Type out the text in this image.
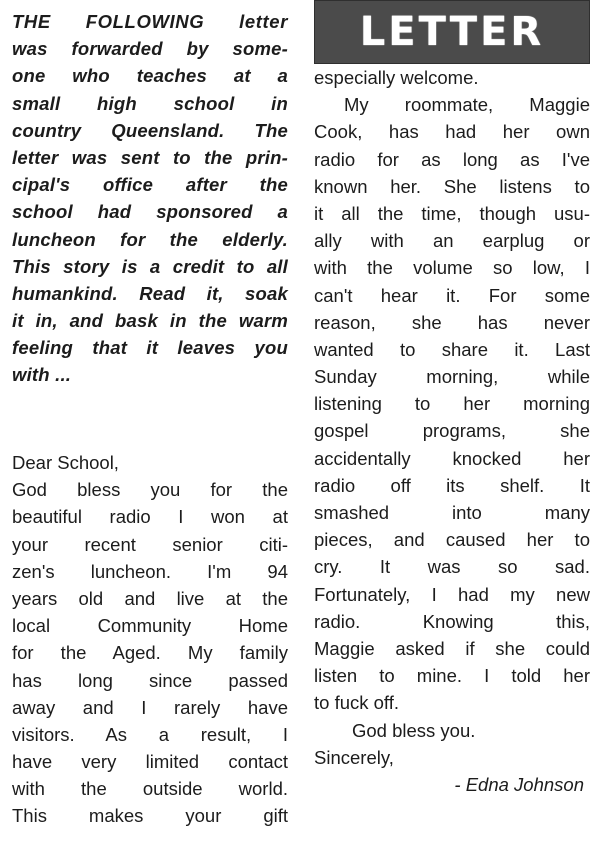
THE FOLLOWING letter
was forwarded by some-
one who teaches at a
small high school in
country Queensland. The
letter was sent to the prin-
cipal's office after the
school had sponsored a
luncheon for the elderly.
This story is a credit to all
humankind. Read it, soak
it in, and bask in the warm
feeling that it leaves you
with ...
Dear School,
God bless you for the
beautiful radio I won at
your recent senior citi-
zen's luncheon. I'm 94
years old and live at the
local Community Home
for the Aged. My family
has long since passed
away and I rarely have
visitors. As a result, I
have very limited contact
with the outside world.
This makes your gift
LETTER
especially welcome.
My roommate, Maggie
Cook, has had her own
radio for as long as I've
known her. She listens to
it all the time, though usu-
ally with an earplug or
with the volume so low, I
can't hear it. For some
reason, she has never
wanted to share it. Last
Sunday morning, while
listening to her morning
gospel programs, she
accidentally knocked her
radio off its shelf. It
smashed into many
pieces, and caused her to
cry. It was so sad.
Fortunately, I had my new
radio. Knowing this,
Maggie asked if she could
listen to mine. I told her
to fuck off.
God bless you.
Sincerely,
- Edna Johnson
